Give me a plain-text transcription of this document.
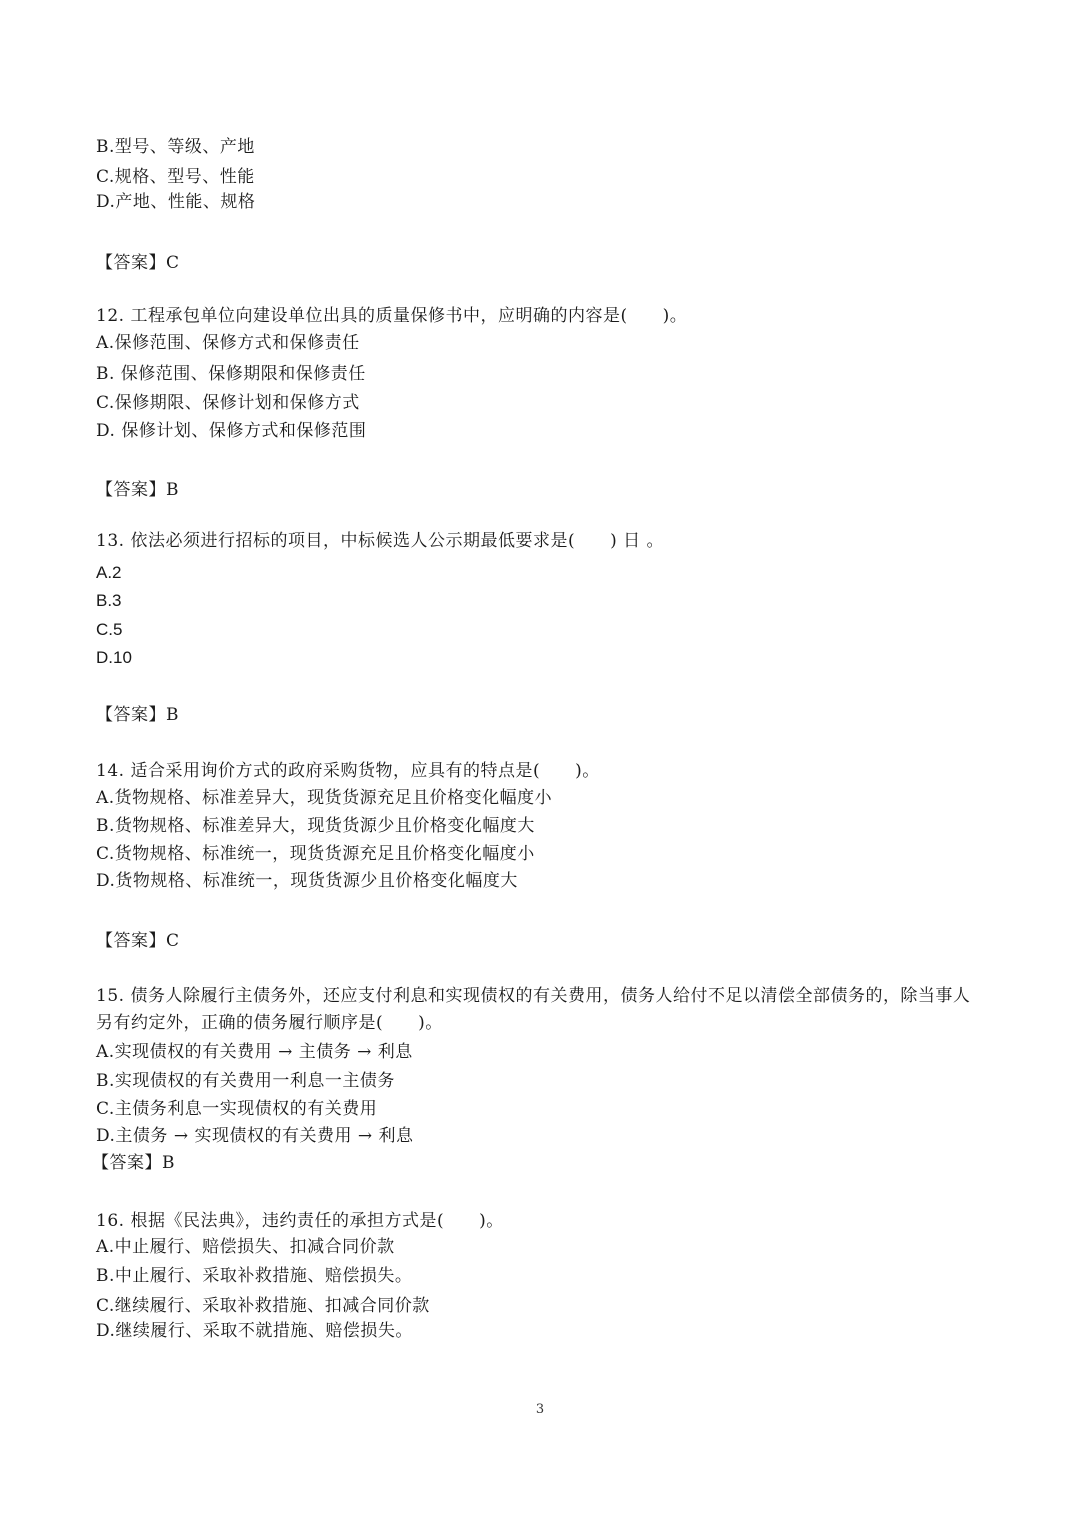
B.型号、等级、产地
C.规格、型号、性能
D.产地、性能、规格
【答案】C
12. 工程承包单位向建设单位出具的质量保修书中，应明确的内容是(　　)。
A.保修范围、保修方式和保修责任
B. 保修范围、保修期限和保修责任
C.保修期限、保修计划和保修方式
D. 保修计划、保修方式和保修范围
【答案】B
13. 依法必须进行招标的项目，中标候选人公示期最低要求是(　　) 日 。
A.2
B.3
C.5
D.10
【答案】B
14. 适合采用询价方式的政府采购货物，应具有的特点是(　　)。
A.货物规格、标准差异大，现货货源充足且价格变化幅度小
B.货物规格、标准差异大，现货货源少且价格变化幅度大
C.货物规格、标准统一，现货货源充足且价格变化幅度小
D.货物规格、标准统一，现货货源少且价格变化幅度大
【答案】C
15. 债务人除履行主债务外，还应支付利息和实现债权的有关费用，债务人给付不足以清偿全部债务的，除当事人另有约定外，正确的债务履行顺序是(　　)。
A.实现债权的有关费用 → 主债务 → 利息
B.实现债权的有关费用一利息一主债务
C.主债务利息一实现债权的有关费用
D.主债务 → 实现债权的有关费用 → 利息
【答案】B
16. 根据《民法典》，违约责任的承担方式是(　　)。
A.中止履行、赔偿损失、扣减合同价款
B.中止履行、采取补救措施、赔偿损失。
C.继续履行、采取补救措施、扣减合同价款
D.继续履行、采取不就措施、赔偿损失。
3
